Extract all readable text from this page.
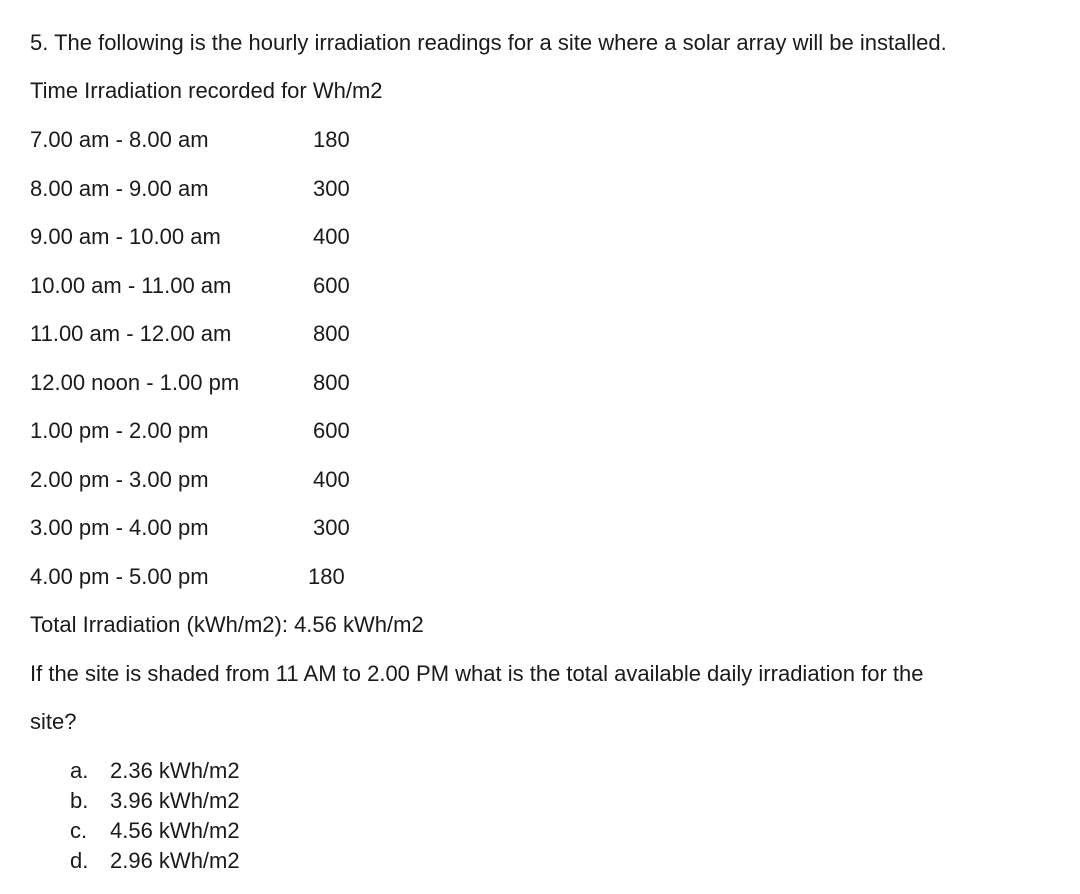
5. The following is the hourly irradiation readings for a site where a solar array will be installed.
Time Irradiation recorded for Wh/m2
7.00 am - 8.00 am	180
8.00 am - 9.00 am	300
9.00 am - 10.00 am	400
10.00 am - 11.00 am	600
11.00 am - 12.00 am	800
12.00 noon - 1.00 pm	800
1.00 pm - 2.00 pm	600
2.00 pm - 3.00 pm	400
3.00 pm - 4.00 pm	300
4.00 pm - 5.00 pm	180
Total Irradiation (kWh/m2): 4.56 kWh/m2
If the site is shaded from 11 AM to 2.00 PM what is the total available daily irradiation for the
site?
a. 2.36 kWh/m2
b. 3.96 kWh/m2
c. 4.56 kWh/m2
d. 2.96 kWh/m2
